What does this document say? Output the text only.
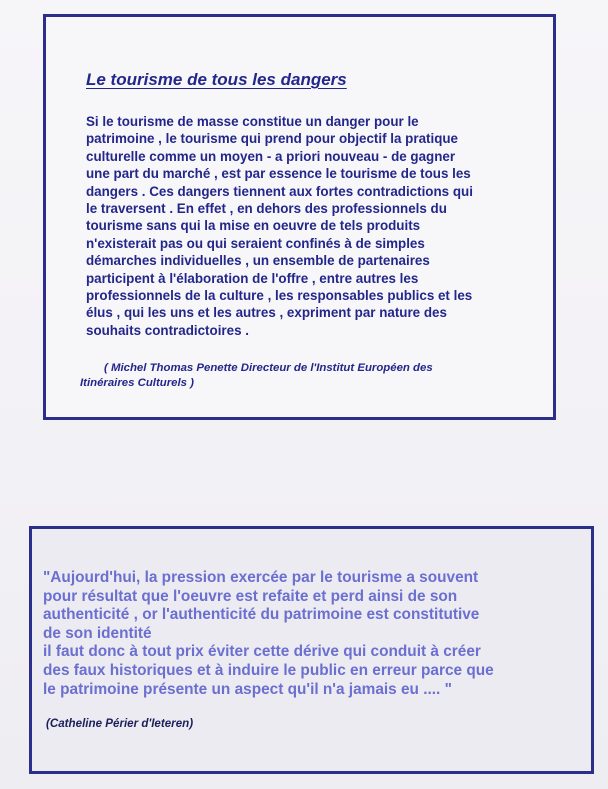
Le tourisme de tous les dangers

Si le tourisme de masse constitue un danger pour le
patrimoine , le tourisme qui prend pour objectif la pratique
culturelle comme un moyen - a priori nouveau - de gagner
une part du marché , est par essence le tourisme de tous les
dangers . Ces dangers tiennent aux fortes contradictions qui
le traversent . En effet , en dehors des professionnels du
tourisme sans qui la mise en oeuvre de tels produits
n'existerait pas ou qui seraient confinés à de simples
démarches individuelles , un ensemble de partenaires
participent à l'élaboration de l'offre , entre autres les
professionnels de la culture , les responsables publics et les
élus , qui les uns et les autres , expriment par nature des
souhaits contradictoires .

( Michel Thomas Penette Directeur de l'Institut Européen des
Itinéraires Culturels )

"Aujourd'hui, la pression exercée par le tourisme a souvent
pour résultat que l'oeuvre est refaite et perd ainsi de son
authenticité , or l'authenticité du patrimoine est constitutive
de son identité
il faut donc à tout prix éviter cette dérive qui conduit à créer
des faux historiques et à induire le public en erreur parce que
le patrimoine présente un aspect qu'il n'a jamais eu .... "

(Catheline Périer d'Ieteren)
